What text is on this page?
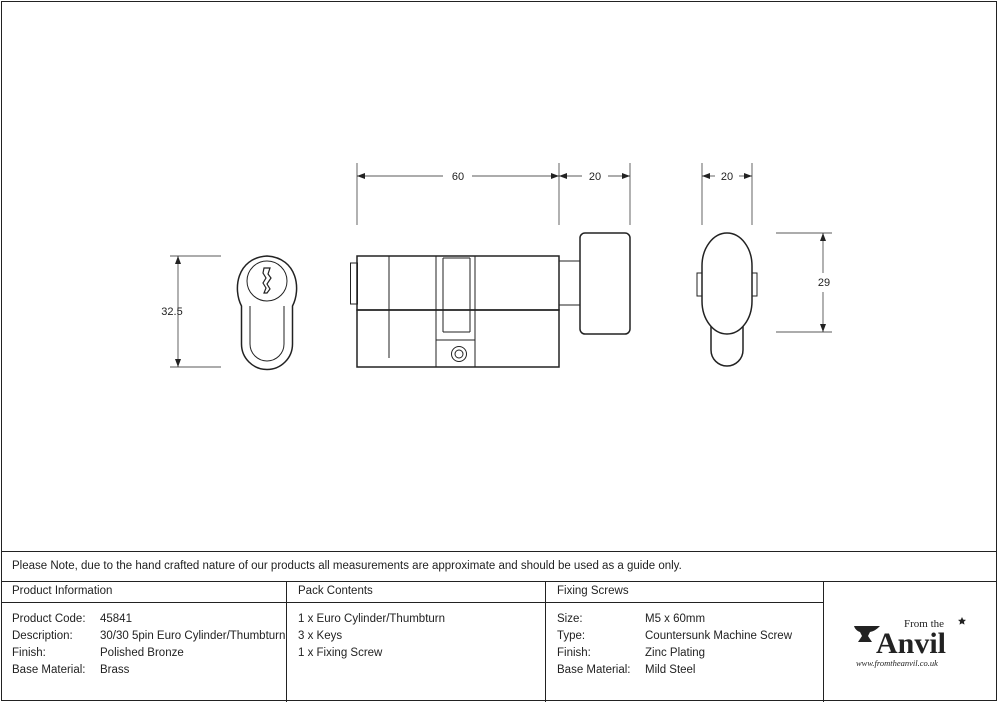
32.5
60	20	20
29
Please Note, due to the hand crafted nature of our products all measurements are approximate and should be used as a guide only.
Product Information
Product Code:	45841
Description:	30/30 5pin Euro Cylinder/Thumbturn
Finish:	Polished Bronze
Base Material:	Brass
Pack Contents
1 x Euro Cylinder/Thumbturn
3 x Keys
1 x Fixing Screw
Fixing Screws
Size:	M5 x 60mm
Type:	Countersunk Machine Screw
Finish:	Zinc Plating
Base Material:	Mild Steel
From the
Anvil
www.fromtheanvil.co.uk
